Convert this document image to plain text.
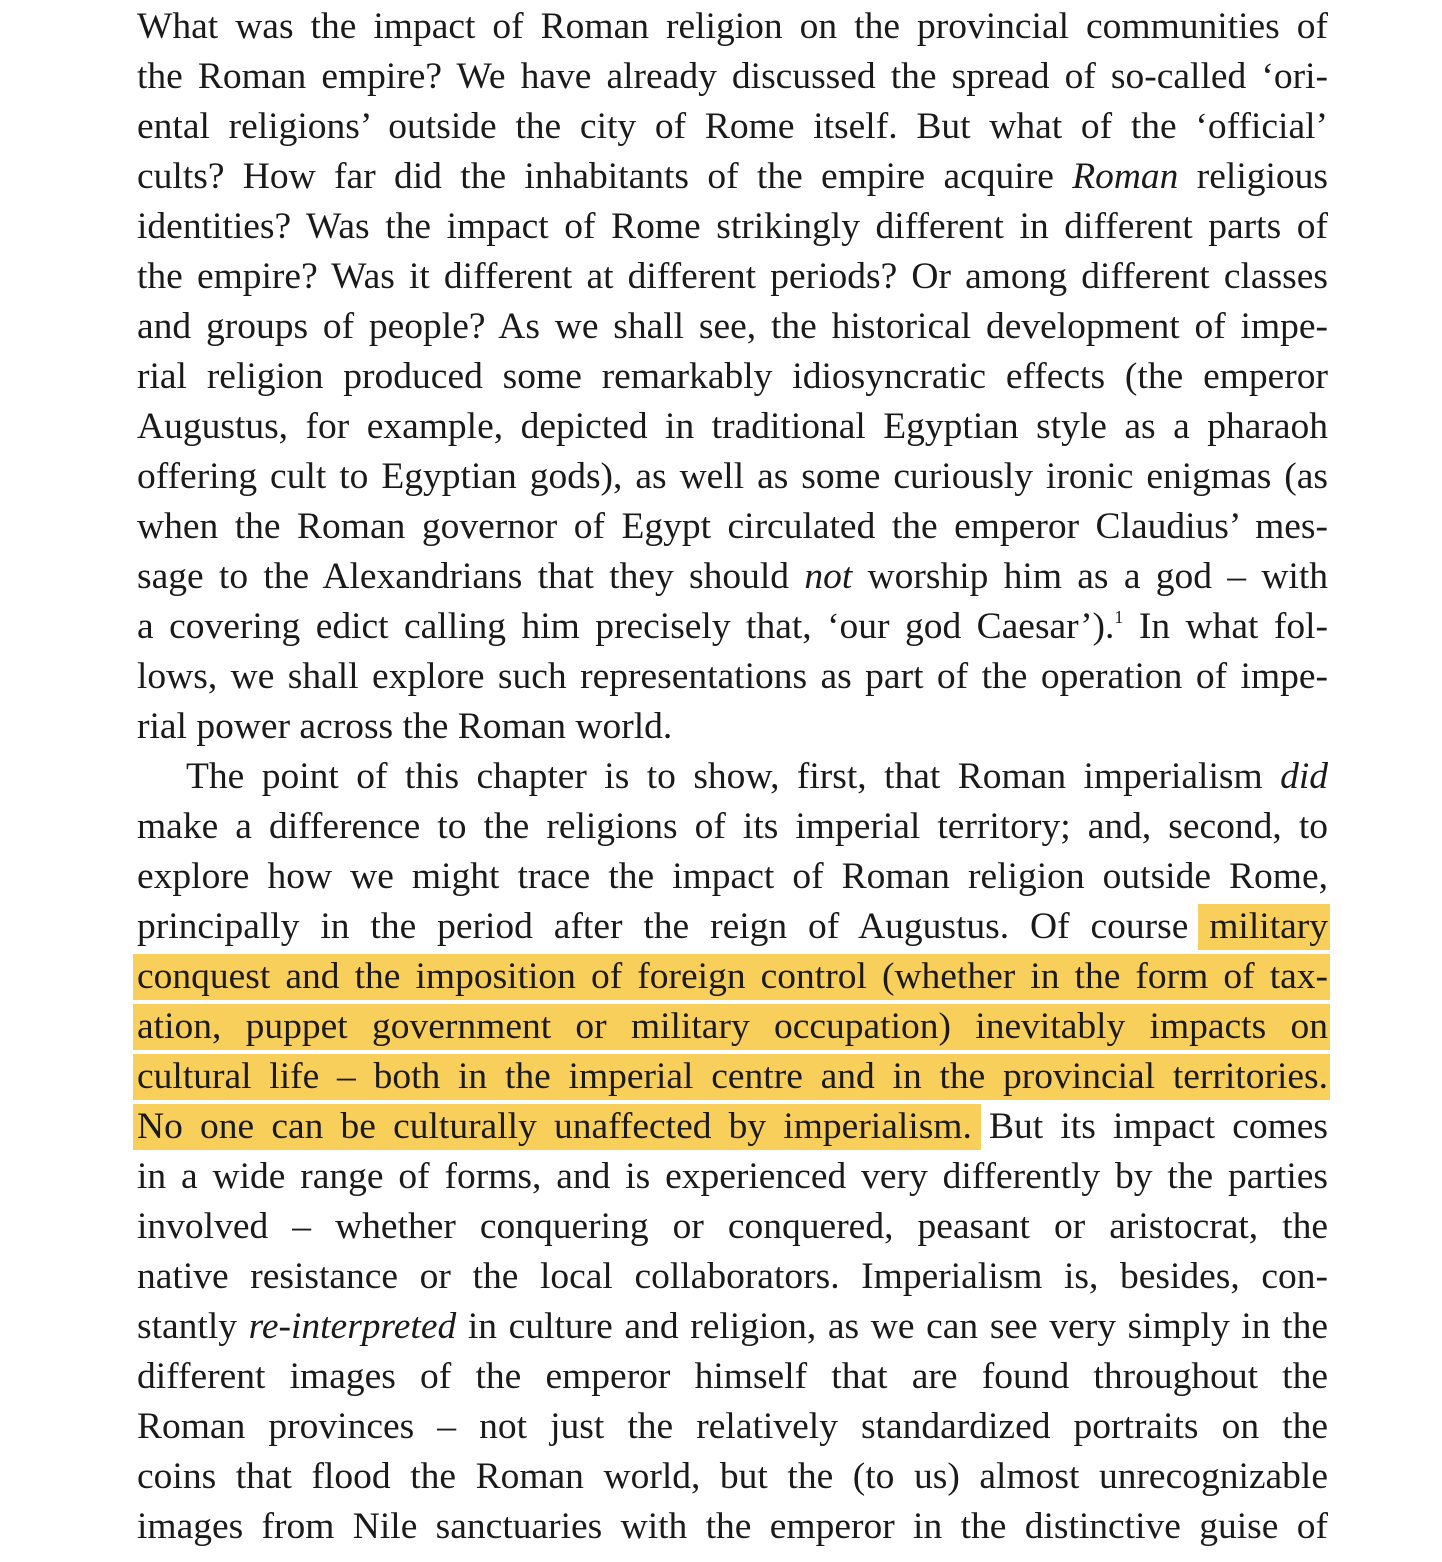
What was the impact of Roman religion on the provincial communities of
the Roman empire? We have already discussed the spread of so-called ‘ori-
ental religions’ outside the city of Rome itself. But what of the ‘official’
cults? How far did the inhabitants of the empire acquire Roman religious
identities? Was the impact of Rome strikingly different in different parts of
the empire? Was it different at different periods? Or among different classes
and groups of people? As we shall see, the historical development of impe-
rial religion produced some remarkably idiosyncratic effects (the emperor
Augustus, for example, depicted in traditional Egyptian style as a pharaoh
offering cult to Egyptian gods), as well as some curiously ironic enigmas (as
when the Roman governor of Egypt circulated the emperor Claudius’ mes-
sage to the Alexandrians that they should not worship him as a god – with
a covering edict calling him precisely that, ‘our god Caesar’).$^1$ In what fol-
lows, we shall explore such representations as part of the operation of impe-
rial power across the Roman world.
The point of this chapter is to show, first, that Roman imperialism did
make a difference to the religions of its imperial territory; and, second, to
explore how we might trace the impact of Roman religion outside Rome,
principally in the period after the reign of Augustus. Of course military
conquest and the imposition of foreign control (whether in the form of tax-
ation, puppet government or military occupation) inevitably impacts on
cultural life – both in the imperial centre and in the provincial territories.
No one can be culturally unaffected by imperialism. But its impact comes
in a wide range of forms, and is experienced very differently by the parties
involved – whether conquering or conquered, peasant or aristocrat, the
native resistance or the local collaborators. Imperialism is, besides, con-
stantly re-interpreted in culture and religion, as we can see very simply in the
different images of the emperor himself that are found throughout the
Roman provinces – not just the relatively standardized portraits on the
coins that flood the Roman world, but the (to us) almost unrecognizable
images from Nile sanctuaries with the emperor in the distinctive guise of
